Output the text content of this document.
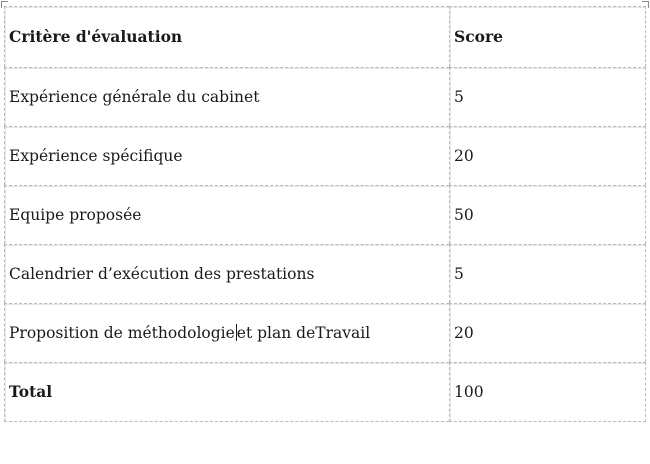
Critère d'évaluation	Score
Expérience générale du cabinet	5
Expérience spécifique	20
Equipe proposée	50
Calendrier d’exécution des prestations	5
Proposition de méthodologie et plan deTravail	20
Total	100
